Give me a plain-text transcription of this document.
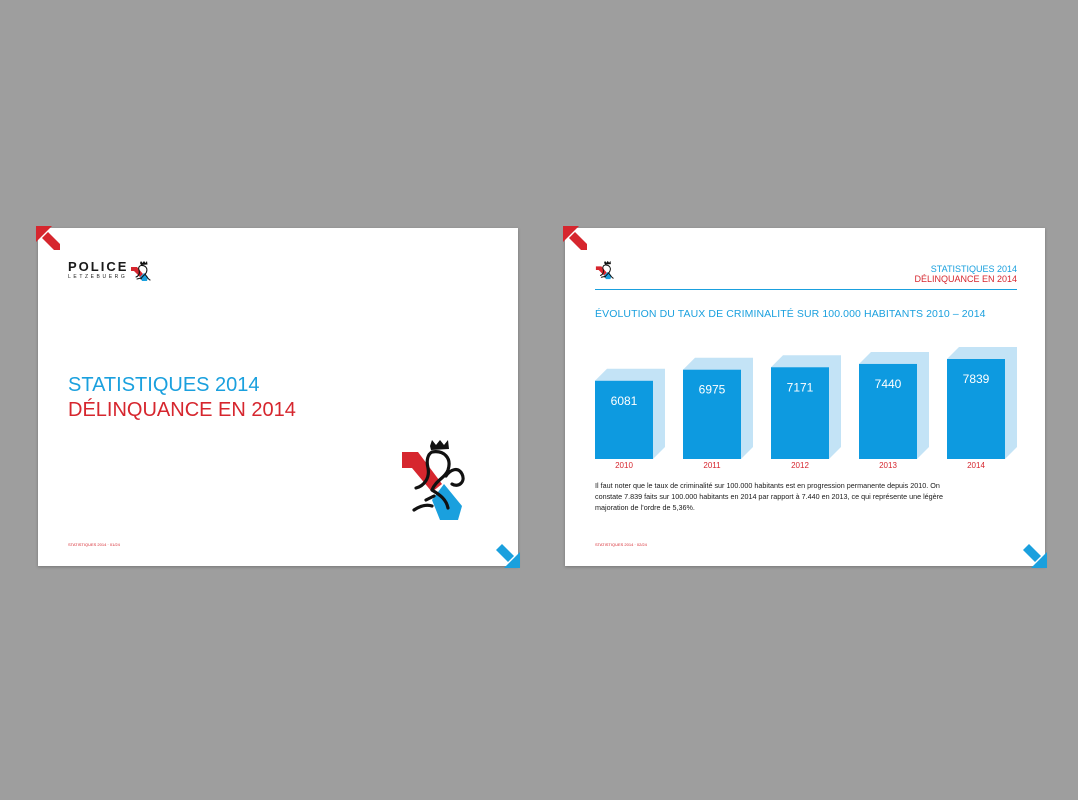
POLICE
LETZEBUERG
STATISTIQUES 2014
DÉLINQUANCE EN 2014
STATISTIQUES 2014 · 01/24
STATISTIQUES 2014
DÉLINQUANCE EN 2014
ÉVOLUTION DU TAUX DE CRIMINALITÉ SUR 100.000 HABITANTS 2010 – 2014
6081
2010
6975
2011
7171
2012
7440
2013
7839
2014
Il faut noter que le taux de criminalité sur 100.000 habitants est en progression permanente depuis 2010. On
constate 7.839 faits sur 100.000 habitants en 2014 par rapport à 7.440 en 2013, ce qui représente une légère
majoration de l’ordre de 5,36%.
STATISTIQUES 2014 · 02/24
